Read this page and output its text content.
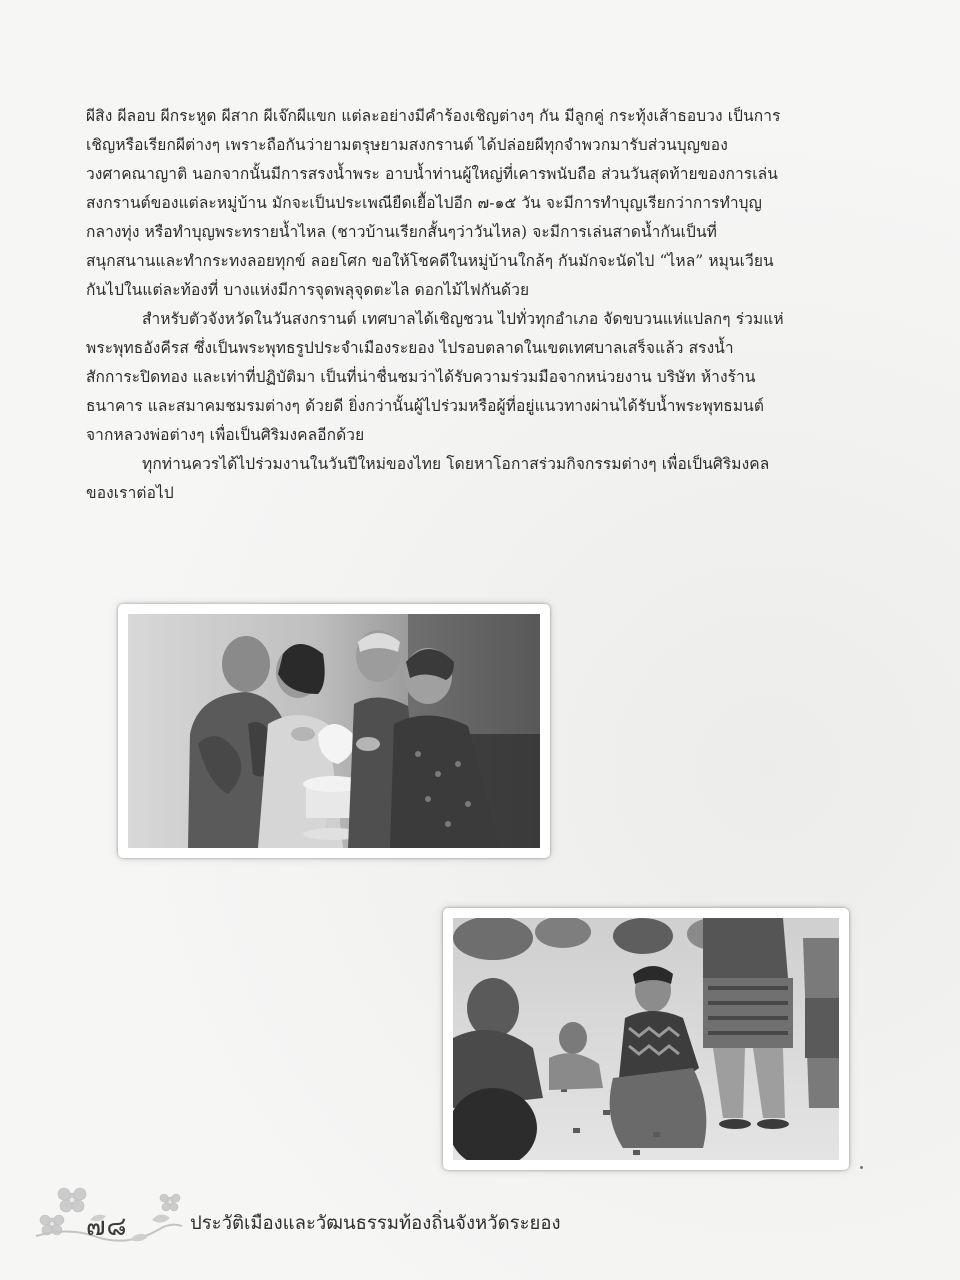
ผีสิง ผีลอบ ผีกระหูด ผีสาก ผีเจ๊กผีแขก แต่ละอย่างมีคำร้องเชิญต่างๆ กัน มีลูกคู่ กระทุ้งเส้าธอบวง เป็นการ
เชิญหรือเรียกผีต่างๆ เพราะถือกันว่ายามตรุษยามสงกรานต์ ได้ปล่อยผีทุกจำพวกมารับส่วนบุญของ
วงศาคณาญาติ นอกจากนั้นมีการสรงน้ำพระ อาบน้ำท่านผู้ใหญ่ที่เคารพนับถือ ส่วนวันสุดท้ายของการเล่น
สงกรานต์ของแต่ละหมู่บ้าน มักจะเป็นประเพณียืดเยื้อไปอีก ๗-๑๕ วัน จะมีการทำบุญเรียกว่าการทำบุญ
กลางทุ่ง หรือทำบุญพระทรายน้ำไหล (ชาวบ้านเรียกสั้นๆว่าวันไหล) จะมีการเล่นสาดน้ำกันเป็นที่
สนุกสนานและทำกระทงลอยทุกข์ ลอยโศก ขอให้โชคดีในหมู่บ้านใกล้ๆ กันมักจะนัดไป “ไหล” หมุนเวียน
กันไปในแต่ละท้องที่ บางแห่งมีการจุดพลุจุดตะไล ดอกไม้ไฟกันด้วย

สำหรับตัวจังหวัดในวันสงกรานต์ เทศบาลได้เชิญชวน ไปทั่วทุกอำเภอ จัดขบวนแห่แปลกๆ ร่วมแห่
พระพุทธอังคีรส ซึ่งเป็นพระพุทธรูปประจำเมืองระยอง ไปรอบตลาดในเขตเทศบาลเสร็จแล้ว สรงน้ำ
สักการะปิดทอง และเท่าที่ปฏิบัติมา เป็นที่น่าชื่นชมว่าได้รับความร่วมมือจากหน่วยงาน บริษัท ห้างร้าน
ธนาคาร และสมาคมชมรมต่างๆ ด้วยดี ยิ่งกว่านั้นผู้ไปร่วมหรือผู้ที่อยู่แนวทางผ่านได้รับน้ำพระพุทธมนต์
จากหลวงพ่อต่างๆ เพื่อเป็นศิริมงคลอีกด้วย

ทุกท่านควรได้ไปร่วมงานในวันปีใหม่ของไทย โดยหาโอกาสร่วมกิจกรรมต่างๆ เพื่อเป็นศิริมงคล
ของเราต่อไป

๗๘	ประวัติเมืองและวัฒนธรรมท้องถิ่นจังหวัดระยอง
